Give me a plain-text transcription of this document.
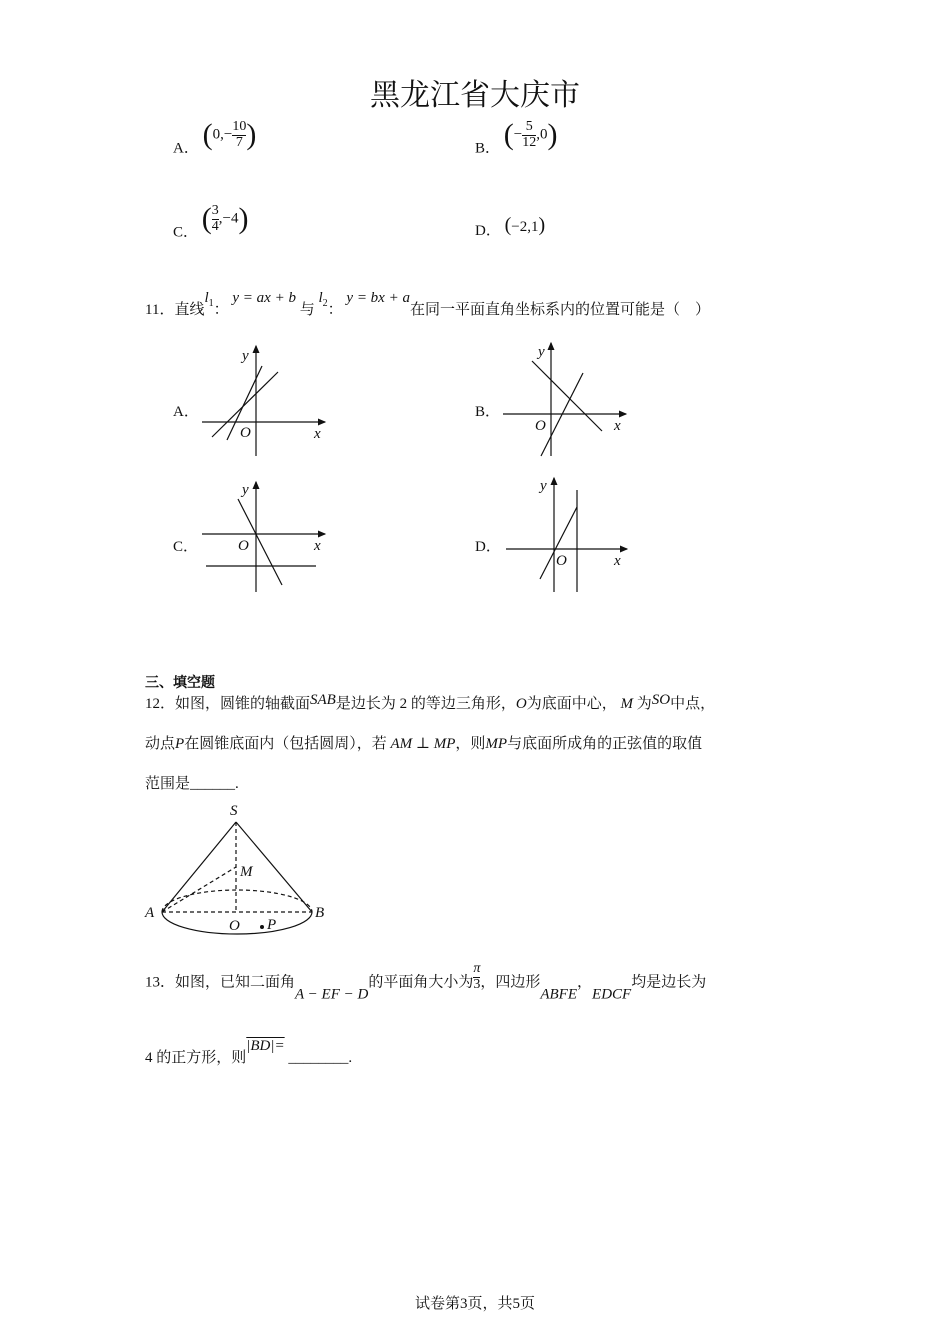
黑龙江省大庆市
A． ($0,- \frac{10}{7}$ )	B． (− $\frac{5}{12} ,0$)
C． ( $\frac{3}{4} ,-4$)	D． (−2,1)
11．直线$l_1$： y = ax + b 与 $l_2$： y = bx + a在同一平面直角坐标系内的位置可能是（　）
A．	B．
C．	D．
y
x
O
y
x
O
y
x
O
y
x
O
三、填空题
12．如图，圆锥的轴截面SAB是边长为 2 的等边三角形，O为底面中心， M 为SO中点，
动点P在圆锥底面内（包括圆周），若 AM ⊥ MP，则MP与底面所成角的正弦值的取值
范围是______.
S
M
A	B
O P
13．如图，已知二面角A − EF − D的平面角大小为 $\frac{\pi}{3}$ ，四边形ABFE，EDCF均是边长为
4 的正方形，则|BD|= ________.
试卷第3页，共5页
